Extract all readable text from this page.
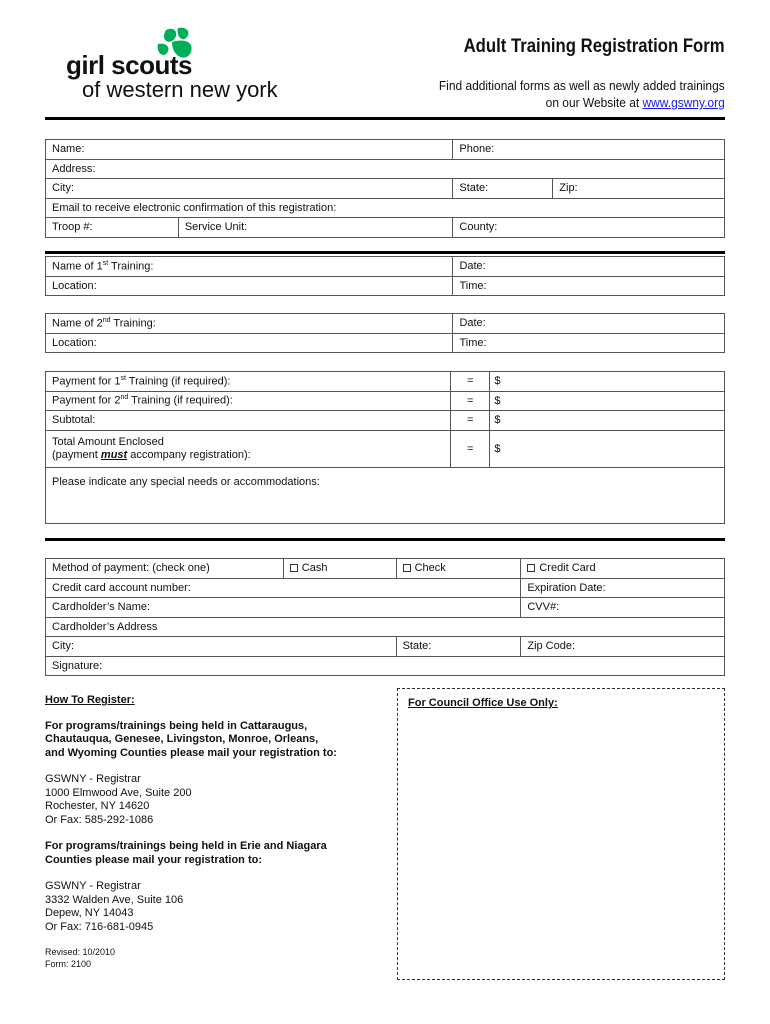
girl scouts
of western new york
Adult Training Registration Form
Find additional forms as well as newly added trainings
on our Website at www.gswny.org
Name:		Phone:	
Address:			
City:		State:	Zip:
Email to receive electronic confirmation of this registration:			
Troop #:	Service Unit:	County:	
Name of 1st Training:	Date:
Location:	Time:
Name of 2nd Training:	Date:
Location:	Time:
Payment for 1st Training (if required):	=	$
Payment for 2nd Training (if required):	=	$
Subtotal:	=	$

Total Amount Enclosed
(payment must accompany registration):	=	$
Please indicate any special needs or accommodations:
Method of payment: (check one)	Cash	Check	Credit Card
Credit card account number:			Expiration Date:
Cardholder’s Name:			CVV#:
Cardholder’s Address			
City:		State:	Zip Code:
Signature:			

How To Register:

For programs/trainings being held in Cattaraugus,
Chautauqua, Genesee, Livingston, Monroe, Orleans,
and Wyoming Counties please mail your registration to:

GSWNY - Registrar
1000 Elmwood Ave, Suite 200
Rochester, NY 14620
Or Fax: 585-292-1086

For programs/trainings being held in Erie and Niagara
Counties please mail your registration to:

GSWNY - Registrar
3332 Walden Ave, Suite 106
Depew, NY 14043
Or Fax: 716-681-0945

Revised: 10/2010
Form: 2100
For Council Office Use Only:
